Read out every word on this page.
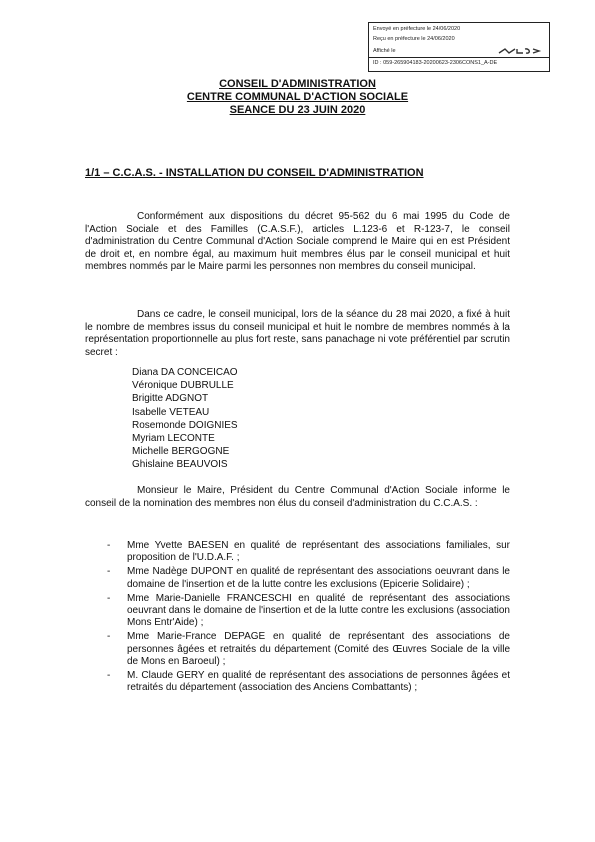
Envoyé en préfecture le 24/06/2020
Reçu en préfecture le 24/06/2020
Affiché le
ID : 059-265904183-20200623-2306CONS1_A-DE
CONSEIL D'ADMINISTRATION
CENTRE COMMUNAL D'ACTION SOCIALE
SEANCE DU 23 JUIN 2020
1/1 – C.C.A.S. - INSTALLATION DU CONSEIL D'ADMINISTRATION
Conformément aux dispositions du décret 95-562 du 6 mai 1995 du Code de l'Action Sociale et des Familles (C.A.S.F.), articles L.123-6 et R-123-7, le conseil d'administration du Centre Communal d'Action Sociale comprend le Maire qui en est Président de droit et, en nombre égal, au maximum huit membres élus par le conseil municipal et huit membres nommés par le Maire parmi les personnes non membres du conseil municipal.
Dans ce cadre, le conseil municipal, lors de la séance du 28 mai 2020, a fixé à huit le nombre de membres issus du conseil municipal et huit le nombre de membres nommés à la représentation proportionnelle au plus fort reste, sans panachage ni vote préférentiel par scrutin secret :
Diana DA CONCEICAO
Véronique DUBRULLE
Brigitte ADGNOT
Isabelle VETEAU
Rosemonde DOIGNIES
Myriam LECONTE
Michelle BERGOGNE
Ghislaine BEAUVOIS
Monsieur le Maire, Président du Centre Communal d'Action Sociale informe le conseil de la nomination des membres non élus du conseil d'administration du C.C.A.S. :
- Mme Yvette BAESEN en qualité de représentant des associations familiales, sur proposition de l'U.D.A.F. ;
- Mme Nadège DUPONT en qualité de représentant des associations oeuvrant dans le domaine de l'insertion et de la lutte contre les exclusions (Epicerie Solidaire) ;
- Mme Marie-Danielle FRANCESCHI en qualité de représentant des associations oeuvrant dans le domaine de l'insertion et de la lutte contre les exclusions (association Mons Entr'Aide) ;
- Mme Marie-France DEPAGE en qualité de représentant des associations de personnes âgées et retraités du département (Comité des Œuvres Sociale de la ville de Mons en Baroeul) ;
- M. Claude GERY en qualité de représentant des associations de personnes âgées et retraités du département (association des Anciens Combattants) ;
